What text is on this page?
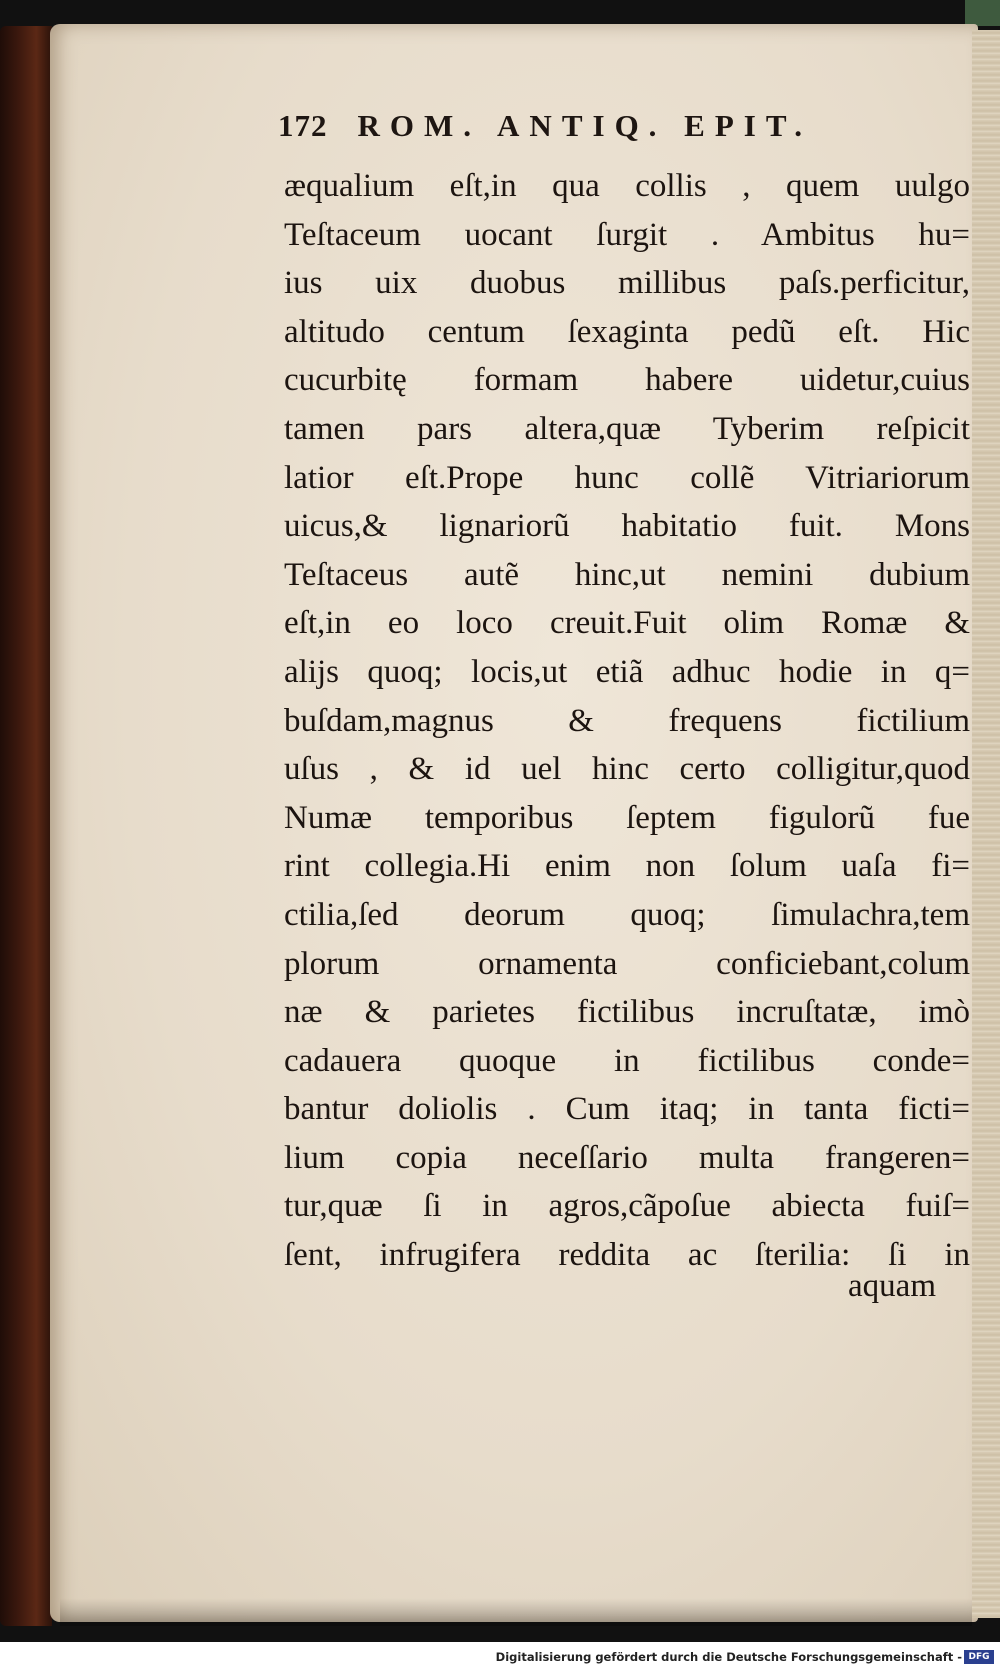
172 ROM. ANTIQ. EPIT.
æqualium eſt,in qua collis , quem uulgo
Teſtaceum uocant ſurgit . Ambitus hu=
ius uix duobus millibus paſs.perficitur,
altitudo centum ſexaginta pedũ eſt. Hic
cucurbitę formam habere uidetur,cuius
tamen pars altera,quæ Tyberim reſpicit
latior eſt.Prope hunc collẽ Vitriariorum
uicus,& lignariorũ habitatio fuit. Mons
Teſtaceus autẽ hinc,ut nemini dubium
eſt,in eo loco creuit.Fuit olim Romæ &
alijs quoq; locis,ut etiã adhuc hodie in q=
buſdam,magnus & frequens fictilium
uſus , & id uel hinc certo colligitur,quod
Numæ temporibus ſeptem figulorũ fue
rint collegia.Hi enim non ſolum uaſa fi=
ctilia,ſed deorum quoq; ſimulachra,tem
plorum ornamenta conficiebant,colum
næ & parietes fictilibus incruſtatæ, imò
cadauera quoque in fictilibus conde=
bantur doliolis . Cum itaq; in tanta ficti=
lium copia neceſſario multa frangeren=
tur,quæ ſi in agros,cãpoſue abiecta fuiſ=
ſent, infrugifera reddita ac ſterilia: ſi in
aquam
Digitalisierung gefördert durch die Deutsche Forschungsgemeinschaft - DFG
